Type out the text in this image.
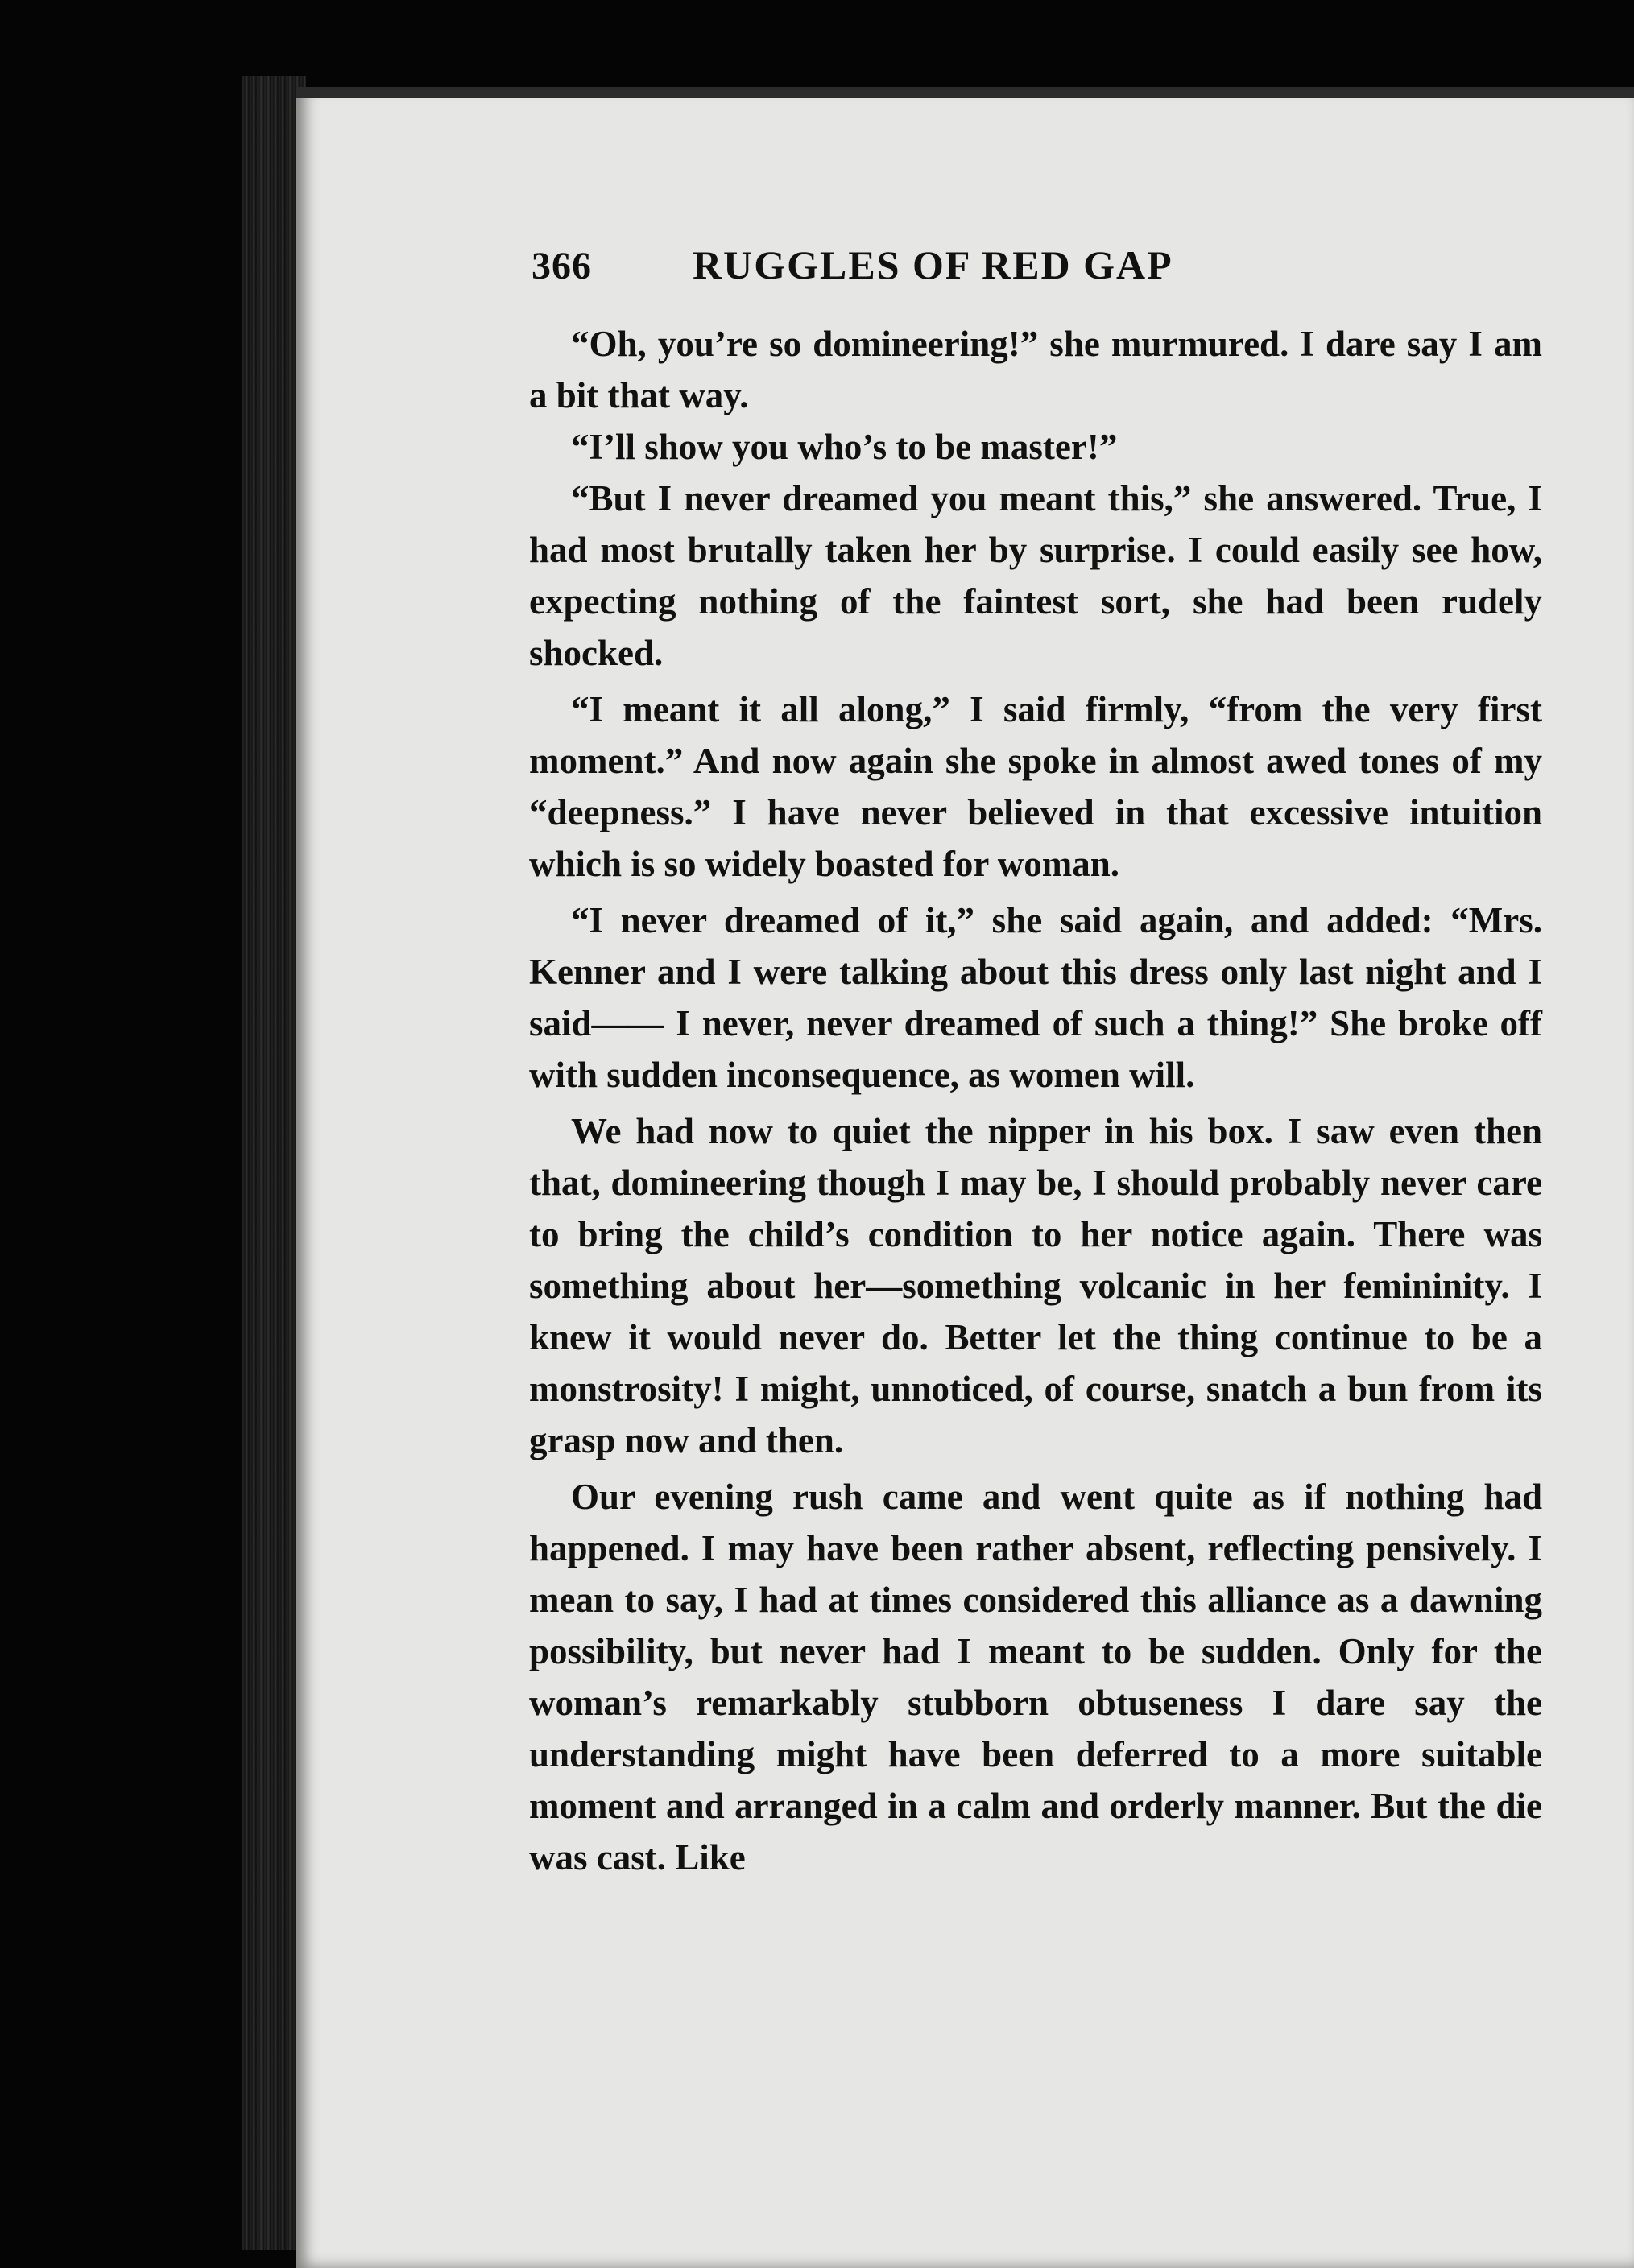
366	RUGGLES OF RED GAP

“Oh, you’re so domineering!” she murmured. I dare say I am a bit that way.

“I’ll show you who’s to be master!”

“But I never dreamed you meant this,” she answered. True, I had most brutally taken her by surprise. I could easily see how, expecting nothing of the faintest sort, she had been rudely shocked.

“I meant it all along,” I said firmly, “from the very first moment.” And now again she spoke in almost awed tones of my “deepness.” I have never believed in that excessive intuition which is so widely boasted for woman.

“I never dreamed of it,” she said again, and added: “Mrs. Kenner and I were talking about this dress only last night and I said—— I never, never dreamed of such a thing!” She broke off with sudden inconsequence, as women will.

We had now to quiet the nipper in his box. I saw even then that, domineering though I may be, I should probably never care to bring the child’s condition to her notice again. There was something about her—something volcanic in her femininity. I knew it would never do. Better let the thing continue to be a monstrosity! I might, unnoticed, of course, snatch a bun from its grasp now and then.

Our evening rush came and went quite as if nothing had happened. I may have been rather absent, reflecting pensively. I mean to say, I had at times considered this alliance as a dawning possibility, but never had I meant to be sudden. Only for the woman’s remarkably stubborn obtuseness I dare say the understanding might have been deferred to a more suitable moment and arranged in a calm and orderly manner. But the die was cast. Like
